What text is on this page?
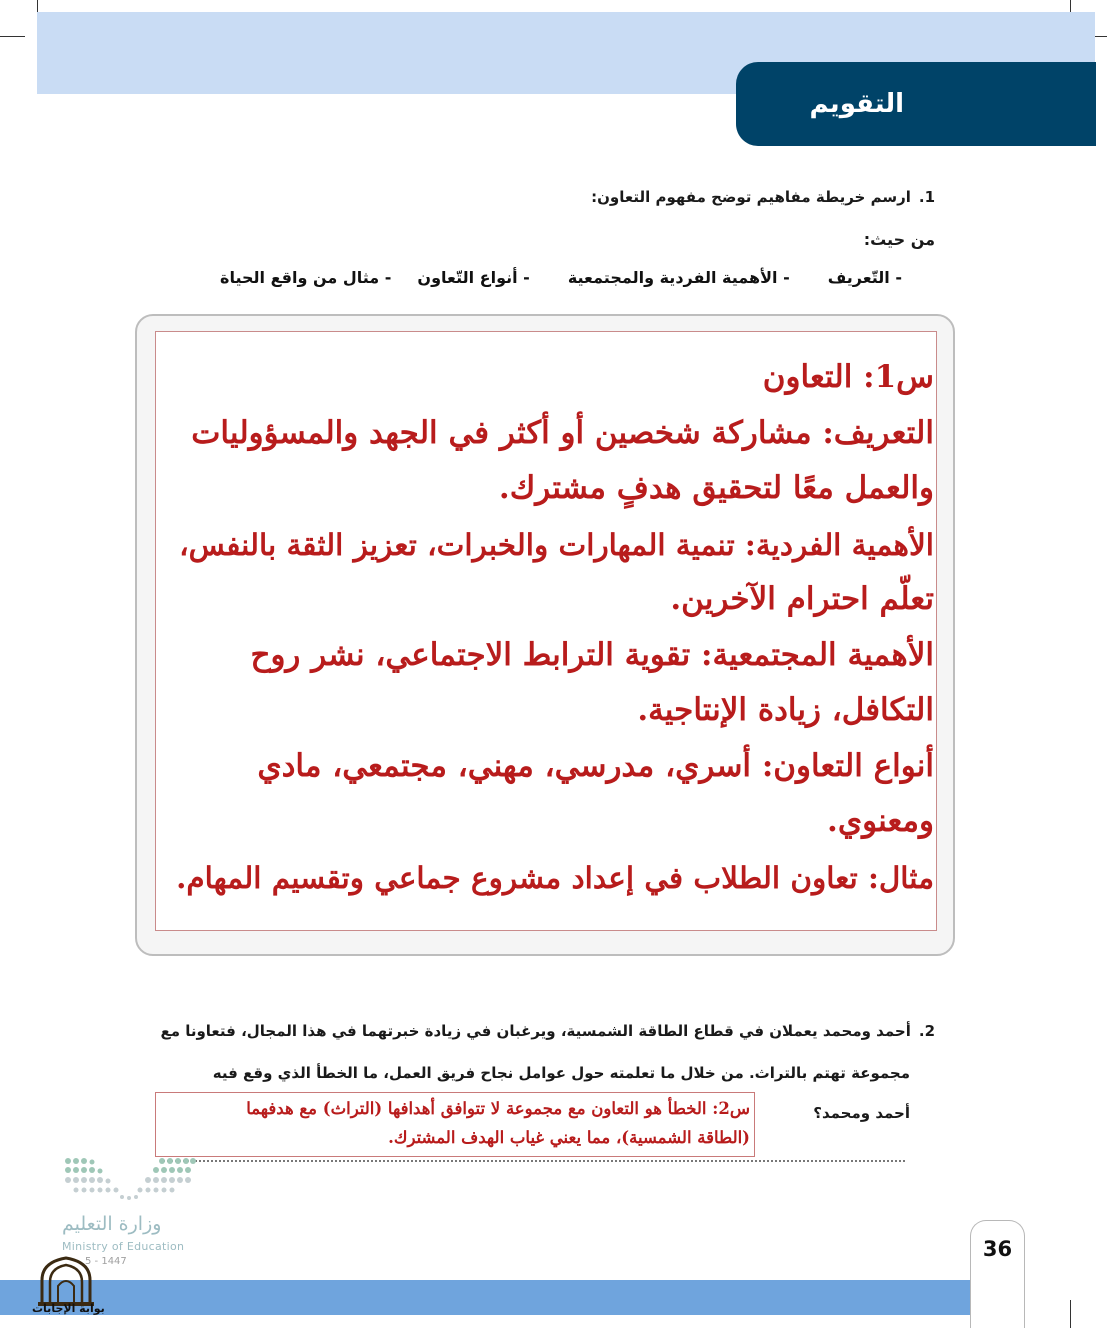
التقويم
1.ارسم خريطة مفاهيم توضح مفهوم التعاون:
من حيث:
- التّعريف
- الأهمية الفردية والمجتمعية
- أنواع التّعاون
- مثال من واقع الحياة
س1: التعاون
التعريف: مشاركة شخصين أو أكثر في الجهد والمسؤوليات
والعمل معًا لتحقيق هدفٍ مشترك.
الأهمية الفردية: تنمية المهارات والخبرات، تعزيز الثقة بالنفس،
تعلّم احترام الآخرين.
الأهمية المجتمعية: تقوية الترابط الاجتماعي، نشر روح
التكافل، زيادة الإنتاجية.
أنواع التعاون: أسري، مدرسي، مهني، مجتمعي، مادي
ومعنوي.
مثال: تعاون الطلاب في إعداد مشروع جماعي وتقسيم المهام.
2.أحمد ومحمد يعملان في قطاع الطاقة الشمسية، ويرغبان في زيادة خبرتهما في هذا المجال، فتعاونا مع
مجموعة تهتم بالتراث. من خلال ما تعلمته حول عوامل نجاح فريق العمل، ما الخطأ الذي وقع فيه
أحمد ومحمد؟
س2: الخطأ هو التعاون مع مجموعة لا تتوافق أهدافها (التراث) مع هدفهما
(الطاقة الشمسية)، مما يعني غياب الهدف المشترك.
وزارة التعليم
Ministry of Education
5 - 1447
36
بوابة الإجابات
